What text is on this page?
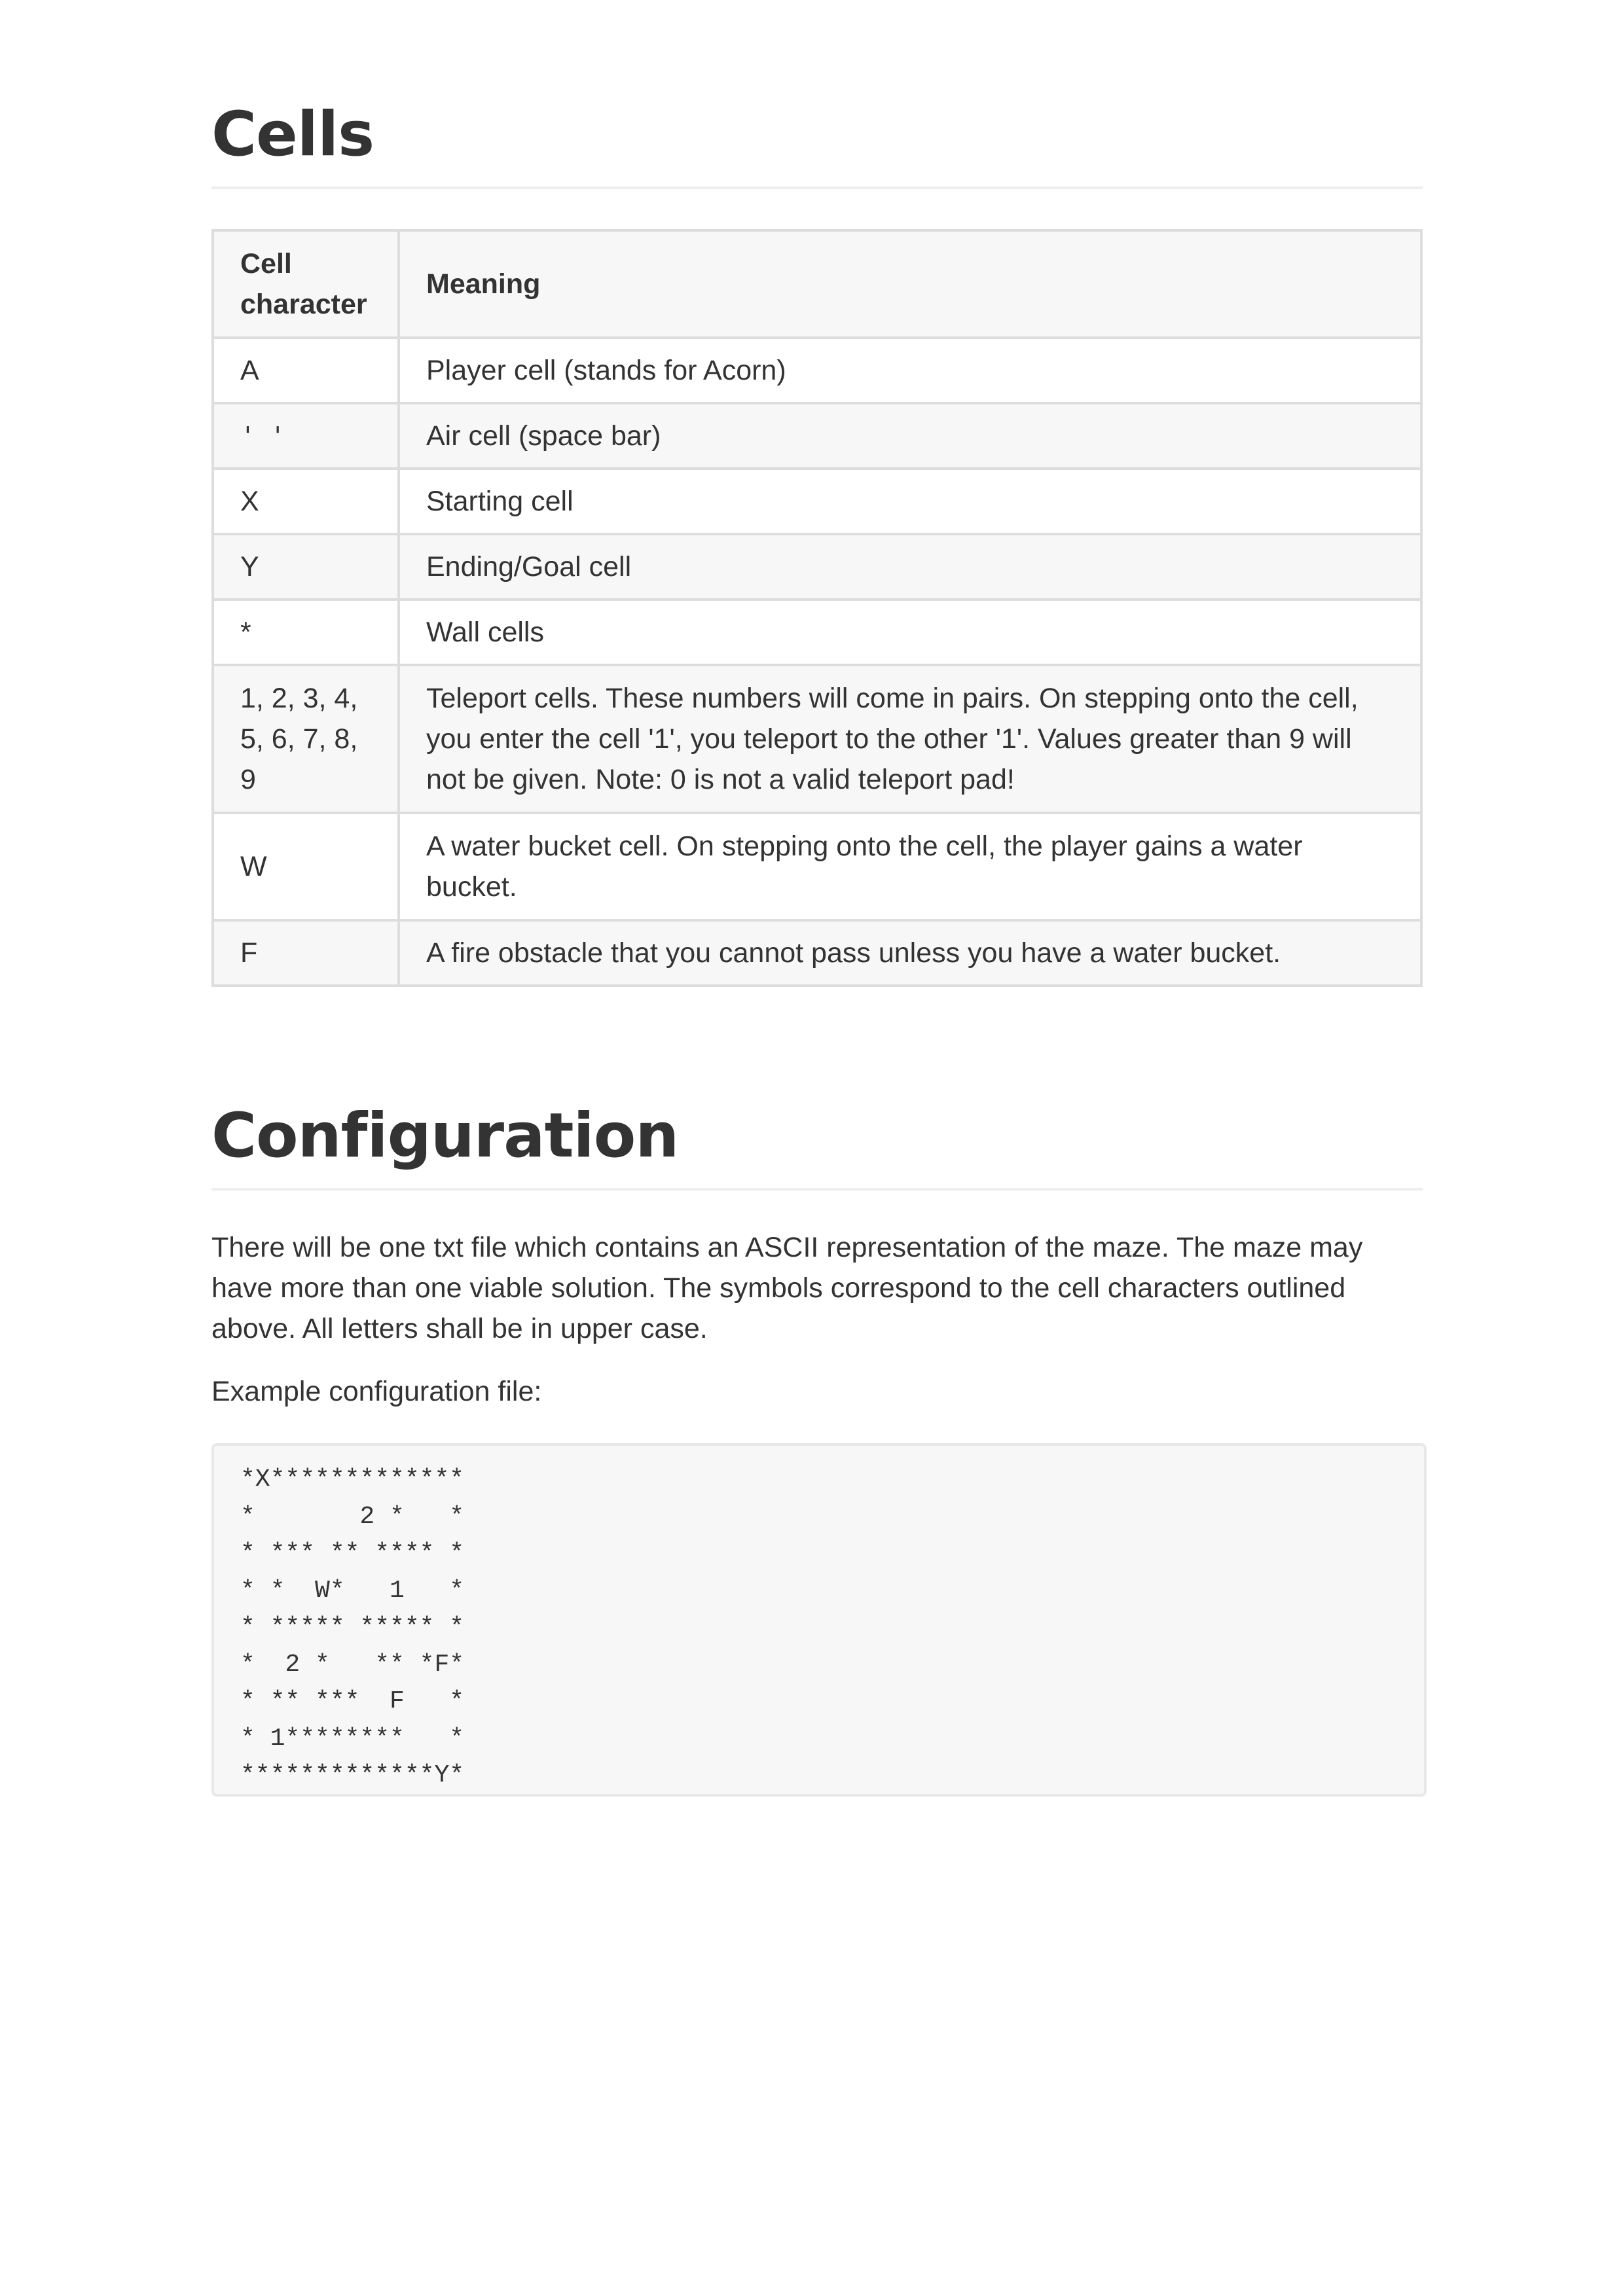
Cells
Cell character	Meaning
A	Player cell (stands for Acorn)
' '	Air cell (space bar)
X	Starting cell
Y	Ending/Goal cell
*	Wall cells
1, 2, 3, 4, 5, 6, 7, 8, 9	Teleport cells. These numbers will come in pairs. On stepping onto the cell, you enter the cell '1', you teleport to the other '1'. Values greater than 9 will not be given. Note: 0 is not a valid teleport pad!
W	A water bucket cell. On stepping onto the cell, the player gains a water bucket.
F	A fire obstacle that you cannot pass unless you have a water bucket.
Configuration

There will be one txt file which contains an ASCII representation of the maze. The maze may have more than one viable solution. The symbols correspond to the cell characters outlined above. All letters shall be in upper case.

Example configuration file:

*X*************
*       2 *   *
* *** ** **** *
* *  W*   1   *
* ***** ***** *
*  2 *   ** *F*
* ** ***  F   *
* 1********   *
*************Y*
